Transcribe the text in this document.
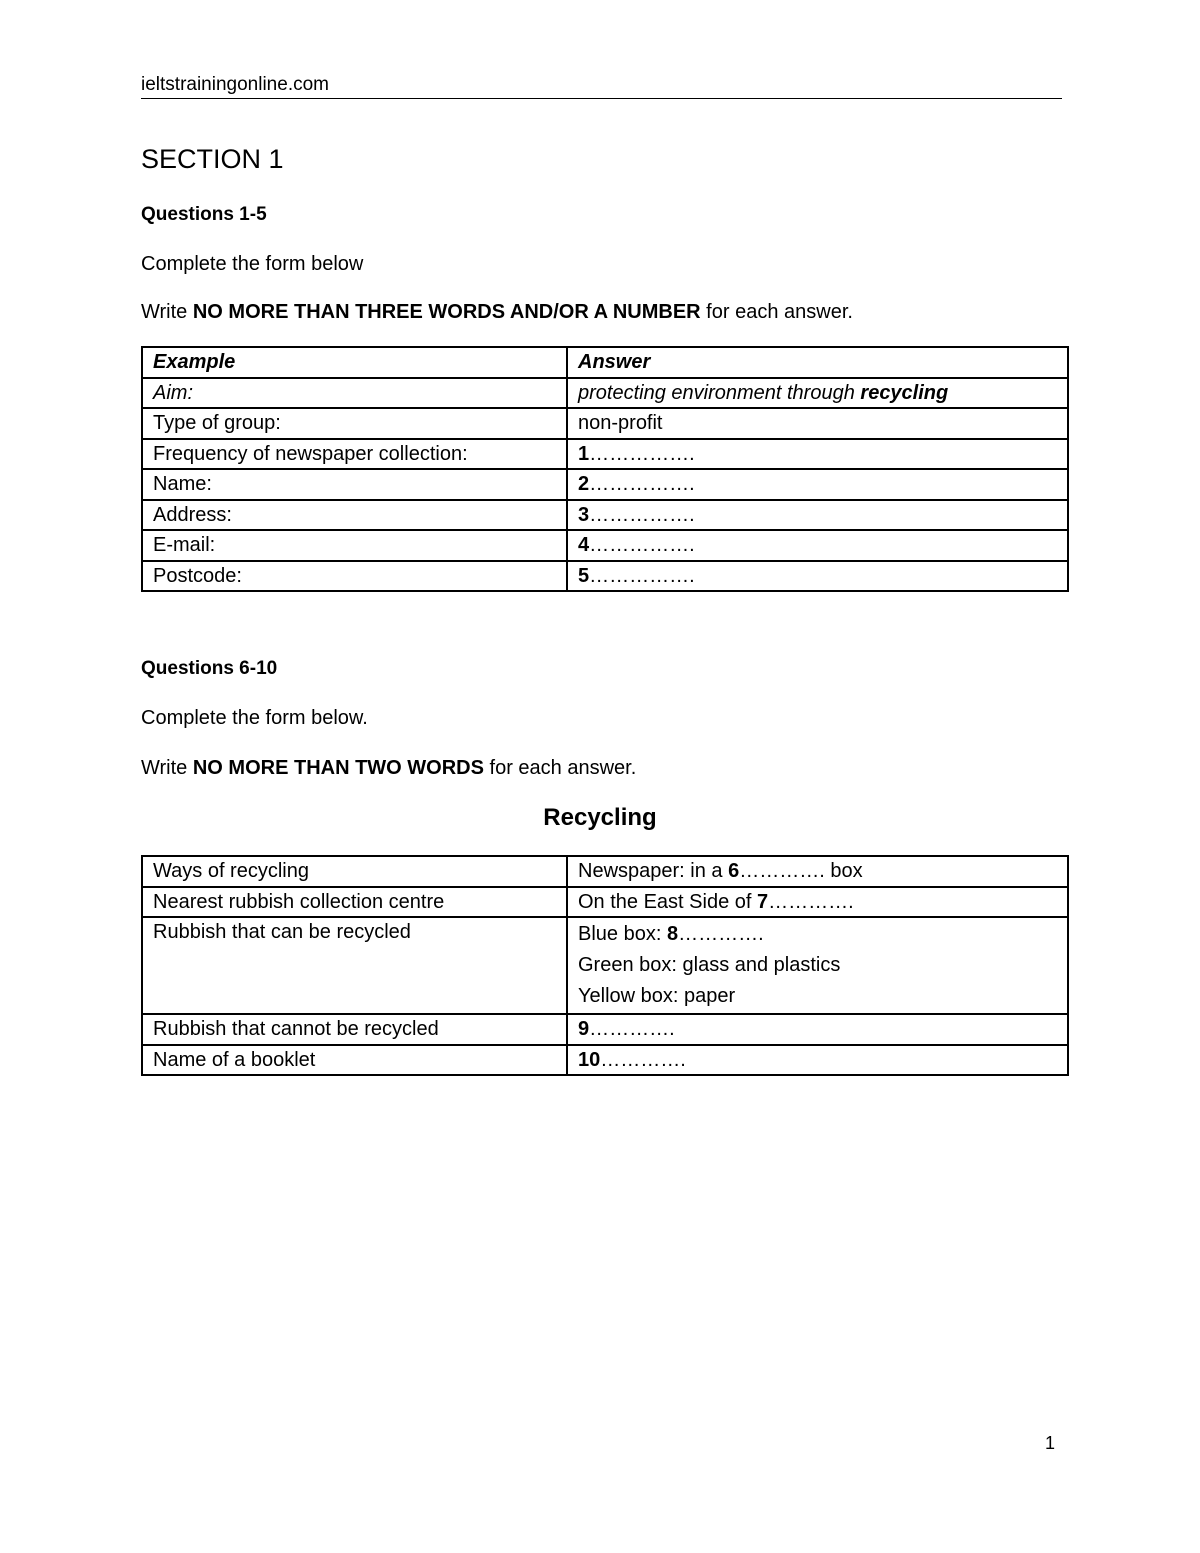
ieltstrainingonline.com
SECTION 1
Questions 1-5
Complete the form below
Write NO MORE THAN THREE WORDS AND/OR A NUMBER for each answer.
Example	Answer
Aim:	protecting environment through recycling
Type of group:	non-profit
Frequency of newspaper collection:	1…………….
Name:	2…………….
Address:	3…………….
E-mail:	4…………….
Postcode:	5…………….
Questions 6-10
Complete the form below.
Write NO MORE THAN TWO WORDS for each answer.
Recycling
Ways of recycling	Newspaper: in a 6…………. box
Nearest rubbish collection centre	On the East Side of 7………….
Rubbish that can be recycled	Blue box: 8………….
Green box: glass and plastics
Yellow box: paper

Rubbish that cannot be recycled	9………….
Name of a booklet	10………….
1
